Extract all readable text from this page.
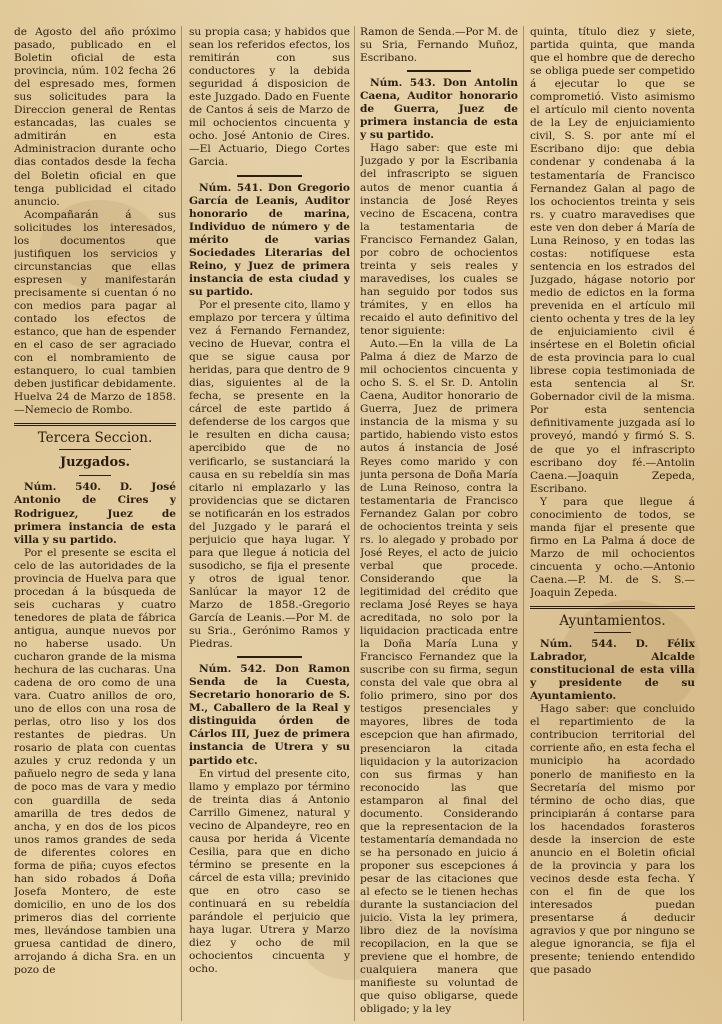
de Agosto del año próximo pasado, publicado en el Boletin oficial de esta provincia, núm. 102 fecha 26 del espresado mes, formen sus solicitudes para la Direccion general de Rentas estancadas, las cuales se admitirán en esta Administracion durante ocho dias contados desde la fecha del Boletin oficial en que tenga publicidad el citado anuncio.

Acompañarán á sus solicitudes los interesados, los documentos que justifiquen los servicios y circunstancias que ellas espresen y manifestarán precisamente si cuentan ó no con medios para pagar al contado los efectos de estanco, que han de espender en el caso de ser agraciado con el nombramiento de estanquero, lo cual tambien deben justificar debidamente. Huelva 24 de Marzo de 1858.—Nemecio de Rombo.

Tercera Seccion.
Juzgados.

Núm. 540. D. José Antonio de Cires y Rodriguez, Juez de primera instancia de esta villa y su partido.

Por el presente se escita el celo de las autoridades de la provincia de Huelva para que procedan á la búsqueda de seis cucharas y cuatro tenedores de plata de fábrica antigua, aunque nuevos por no haberse usado. Un cucharon grande de la misma hechura de las cucharas. Una cadena de oro como de una vara. Cuatro anillos de oro, uno de ellos con una rosa de perlas, otro liso y los dos restantes de piedras. Un rosario de plata con cuentas azules y cruz redonda y un pañuelo negro de seda y lana de poco mas de vara y medio con guardilla de seda amarilla de tres dedos de ancha, y en dos de los picos unos ramos grandes de seda de diferentes colores en forma de piña; cuyos efectos han sido robados á Doña Josefa Montero, de este domicilio, en uno de los dos primeros dias del corriente mes, llevándose tambien una gruesa cantidad de dinero, arrojando á dicha Sra. en un pozo de

su propia casa; y habidos que sean los referidos efectos, los remitirán con sus conductores y la debida seguridad á disposicion de este Juzgado. Dado en Fuente de Cantos á seis de Marzo de mil ochocientos cincuenta y ocho. José Antonio de Cires.—El Actuario, Diego Cortes Garcia.

Núm. 541. Don Gregorio García de Leanis, Auditor honorario de marina, Individuo de número y de mérito de varias Sociedades Literarias del Reino, y Juez de primera instancia de esta ciudad y su partido.

Por el presente cito, llamo y emplazo por tercera y última vez á Fernando Fernandez, vecino de Huevar, contra el que se sigue causa por heridas, para que dentro de 9 dias, siguientes al de la fecha, se presente en la cárcel de este partido á defenderse de los cargos que le resulten en dicha causa; apercibido que de no verificarlo, se sustanciará la causa en su rebeldía sin mas citarlo ni emplazarlo y las providencias que se dictaren se notificarán en los estrados del Juzgado y le parará el perjuicio que haya lugar. Y para que llegue á noticia del susodicho, se fija el presente y otros de igual tenor. Sanlúcar la mayor 12 de Marzo de 1858.-Gregorio García de Leanis.—Por M. de su Sria., Gerónimo Ramos y Piedras.

Núm. 542. Don Ramon Senda de la Cuesta, Secretario honorario de S. M., Caballero de la Real y distinguida órden de Cárlos III, Juez de primera instancia de Utrera y su partido etc.

En virtud del presente cito, llamo y emplazo por término de treinta dias á Antonio Carrillo Gimenez, natural y vecino de Alpandeyre, reo en causa por herida á Vicente Cesilia, para que en dicho término se presente en la cárcel de esta villa; previnido que en otro caso se continuará en su rebeldía parándole el perjuicio que haya lugar. Utrera y Marzo diez y ocho de mil ochocientos cincuenta y ocho.

Ramon de Senda.—Por M. de su Sria, Fernando Muñoz, Escribano.

Núm. 543. Don Antolin Caena, Auditor honorario de Guerra, Juez de primera instancia de esta y su partido.

Hago saber: que este mi Juzgado y por la Escribania del infrascripto se siguen autos de menor cuantia á instancia de José Reyes vecino de Escacena, contra la testamentaria de Francisco Fernandez Galan, por cobro de ochocientos treinta y seis reales y maravedises, los cuales se han seguido por todos sus trámites, y en ellos ha recaido el auto definitivo del tenor siguiente:

Auto.—En la villa de La Palma á diez de Marzo de mil ochocientos cincuenta y ocho S. S. el Sr. D. Antolin Caena, Auditor honorario de Guerra, Juez de primera instancia de la misma y su partido, habiendo visto estos autos á instancia de José Reyes como marido y con junta persona de Doña María de Luna Reinoso, contra la testamentaria de Francisco Fernandez Galan por cobro de ochocientos treinta y seis rs. lo alegado y probado por José Reyes, el acto de juicio verbal que procede. Considerando que la legitimidad del crédito que reclama José Reyes se haya acreditada, no solo por la liquidacion practicada entre la Doña María Luna y Francisco Fernandez que la suscribe con su firma, segun consta del vale que obra al folio primero, sino por dos testigos presenciales y mayores, libres de toda escepcion que han afirmado, presenciaron la citada liquidacion y la autorizacion con sus firmas y han reconocido las que estamparon al final del documento. Considerando que la representacion de la testamentaría demandada no se ha personado en juicio á proponer sus escepciones á pesar de las citaciones que al efecto se le tienen hechas durante la sustanciacion del juicio. Vista la ley primera, libro diez de la novísima recopilacion, en la que se previene que el hombre, de cualquiera manera que manifieste su voluntad de que quiso obligarse, quede obligado; y la ley

quinta, título diez y siete, partida quinta, que manda que el hombre que de derecho se obliga puede ser competido á ejecutar lo que se comprometió. Visto asimismo el artículo mil ciento noventa de la Ley de enjuiciamiento civil, S. S. por ante mí el Escribano dijo: que debia condenar y condenaba á la testamentaría de Francisco Fernandez Galan al pago de los ochocientos treinta y seis rs. y cuatro maravedises que este ven don deber á María de Luna Reinoso, y en todas las costas: notifíquese esta sentencia en los estrados del Juzgado, hágase notorio por medio de edictos en la forma prevenida en el artículo mil ciento ochenta y tres de la ley de enjuiciamiento civil é insértese en el Boletin oficial de esta provincia para lo cual librese copia testimoniada de esta sentencia al Sr. Gobernador civil de la misma. Por esta sentencia definitivamente juzgada así lo proveyó, mandó y firmó S. S. de que yo el infrascripto escribano doy fé.—Antolin Caena.—Joaquin Zepeda, Escribano.

Y para que llegue á conocimiento de todos, se manda fijar el presente que firmo en La Palma á doce de Marzo de mil ochocientos cincuenta y ocho.—Antonio Caena.—P. M. de S. S.—Joaquin Zepeda.

Ayuntamientos.

Núm. 544. D. Félix Labrador, Alcalde constitucional de esta villa y presidente de su Ayuntamiento.

Hago saber: que concluido el repartimiento de la contribucion territorial del corriente año, en esta fecha el municipio ha acordado ponerlo de manifiesto en la Secretaría del mismo por término de ocho dias, que principiarán á contarse para los hacendados forasteros desde la insercion de este anuncio en el Boletin oficial de la provincia y para los vecinos desde esta fecha. Y con el fin de que los interesados puedan presentarse á deducir agravios y que por ninguno se alegue ignorancia, se fija el presente; teniendo entendido que pasado
